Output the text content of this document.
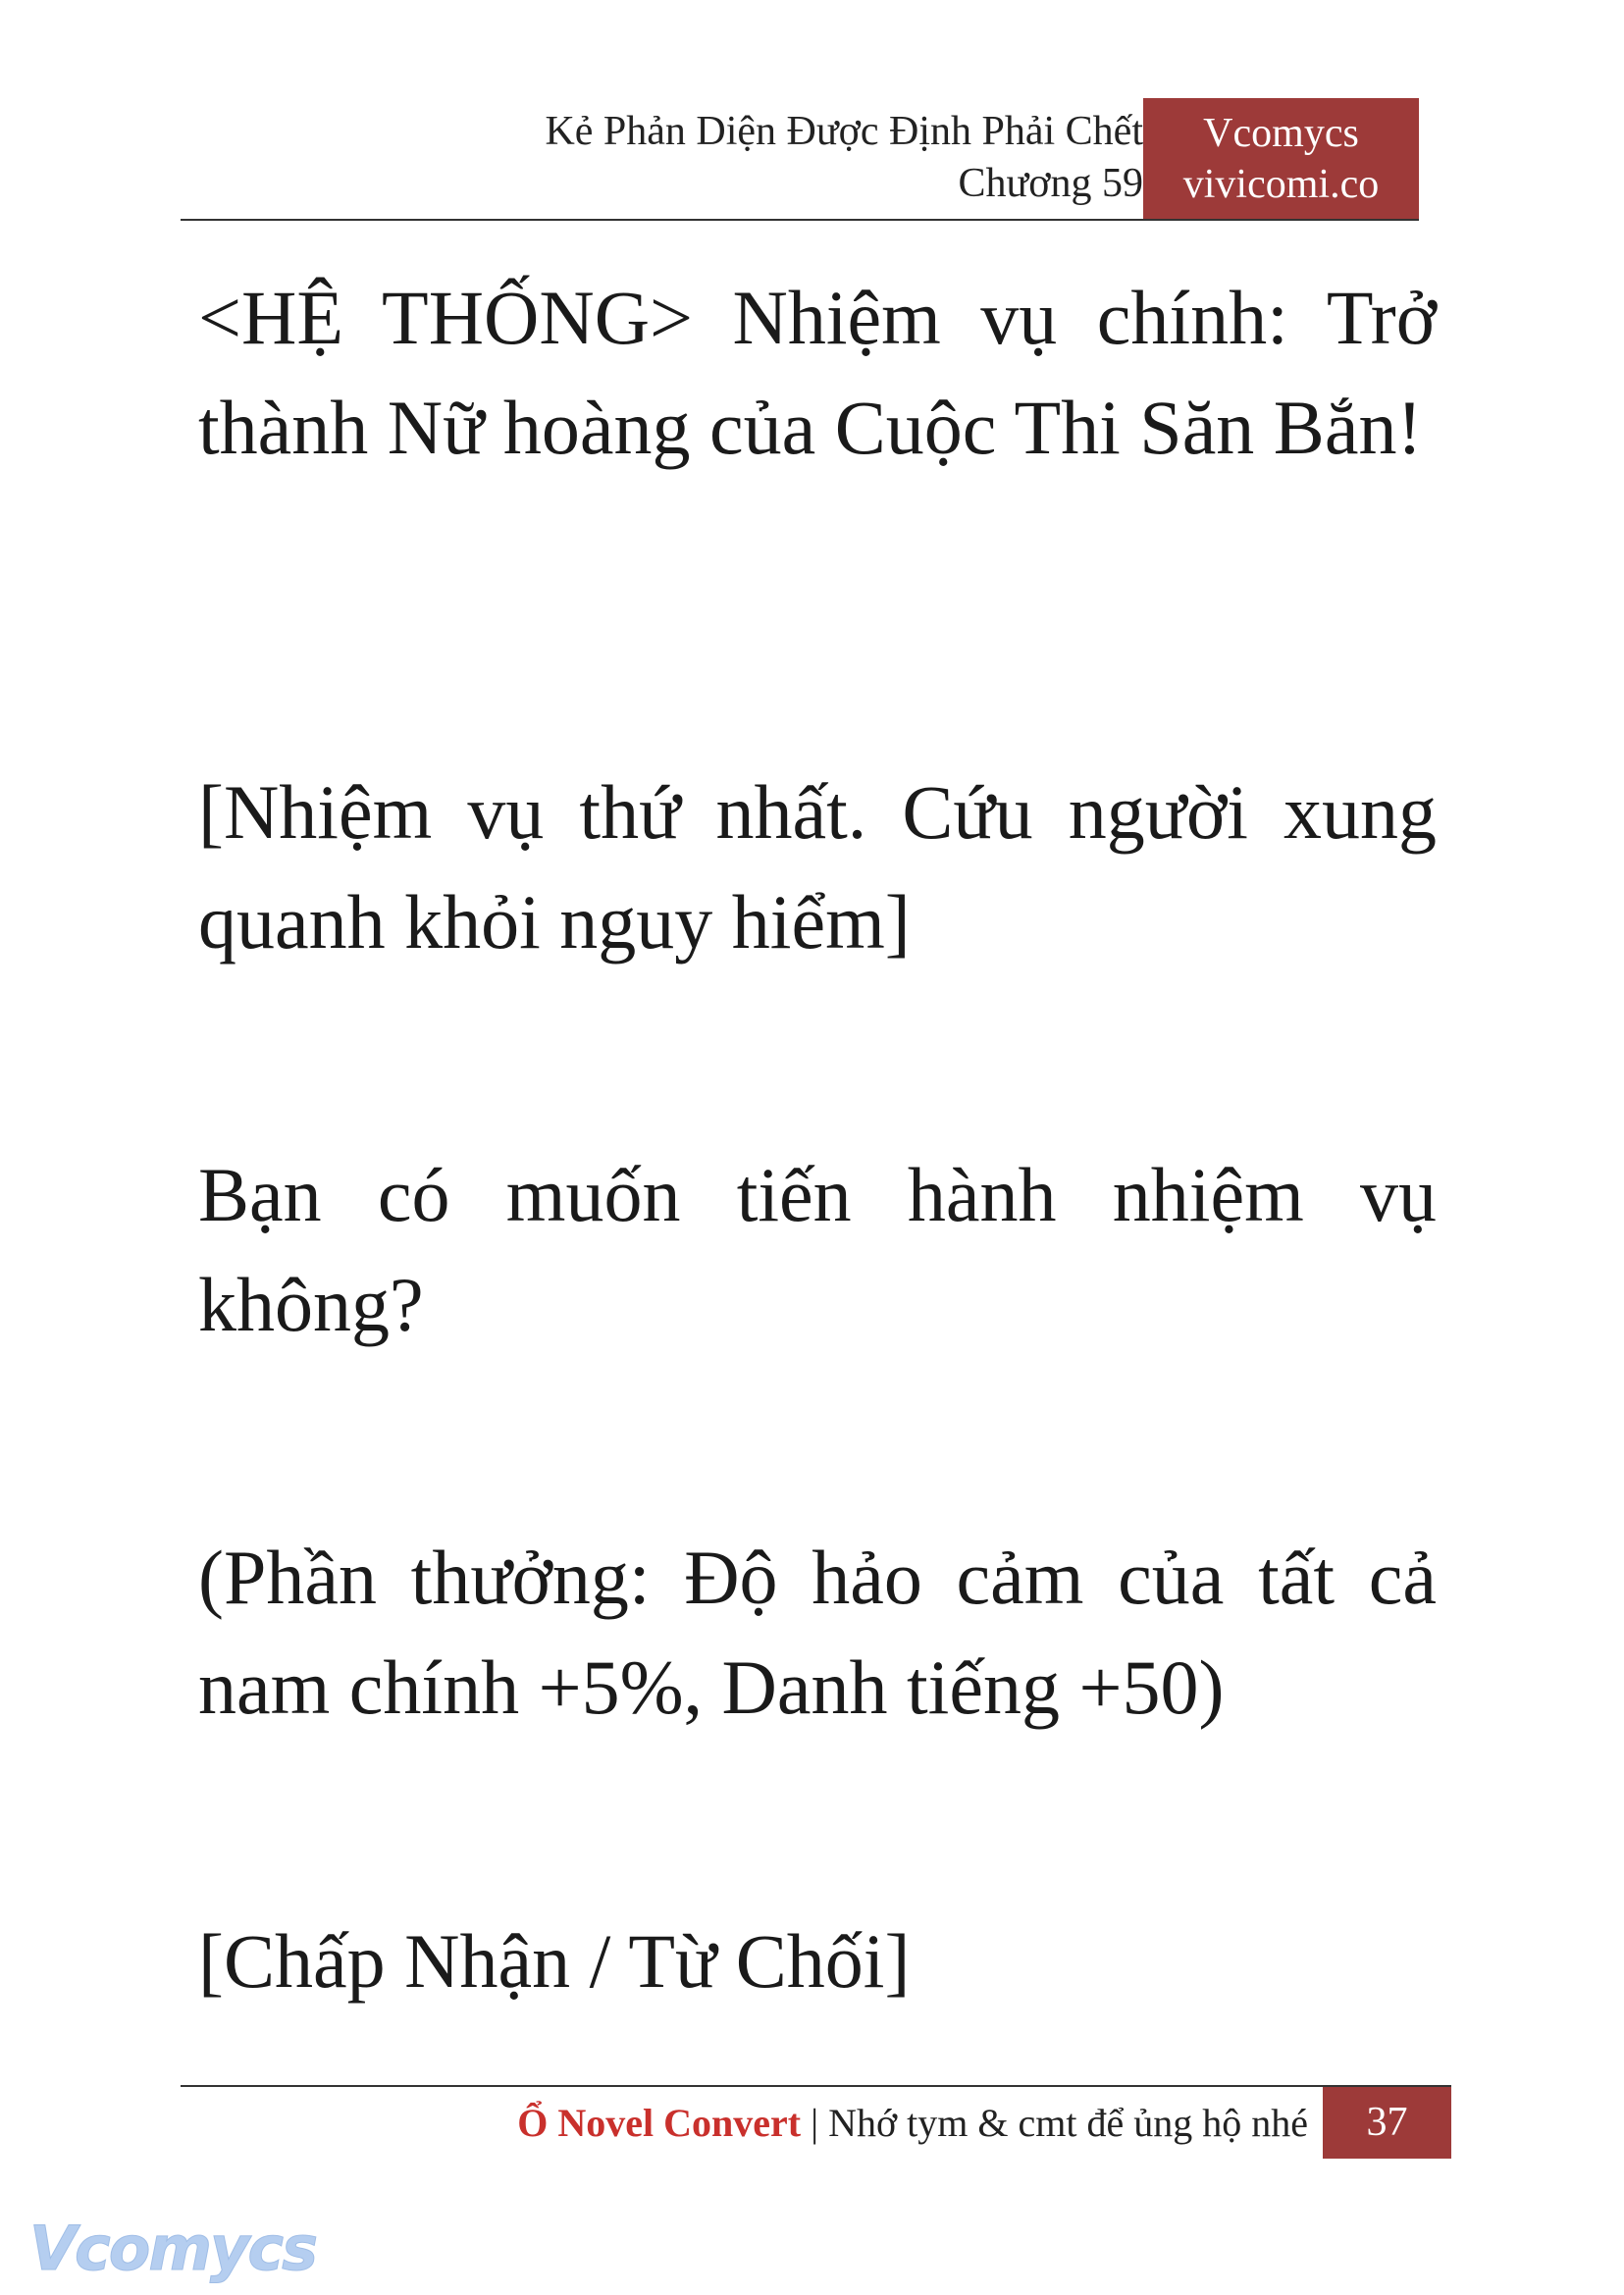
Kẻ Phản Diện Được Định Phải Chết
Chương 59
Vcomycs
vivicomi.co
<HỆ THỐNG> Nhiệm vụ chính: Trở thành Nữ hoàng của Cuộc Thi Săn Bắn!
[Nhiệm vụ thứ nhất. Cứu người xung quanh khỏi nguy hiểm]
Bạn có muốn tiến hành nhiệm vụ không?
(Phần thưởng: Độ hảo cảm của tất cả nam chính +5%, Danh tiếng +50)
[Chấp Nhận / Từ Chối]
Ổ Novel Convert | Nhớ tym & cmt để ủng hộ nhé	37
Vcomycs
